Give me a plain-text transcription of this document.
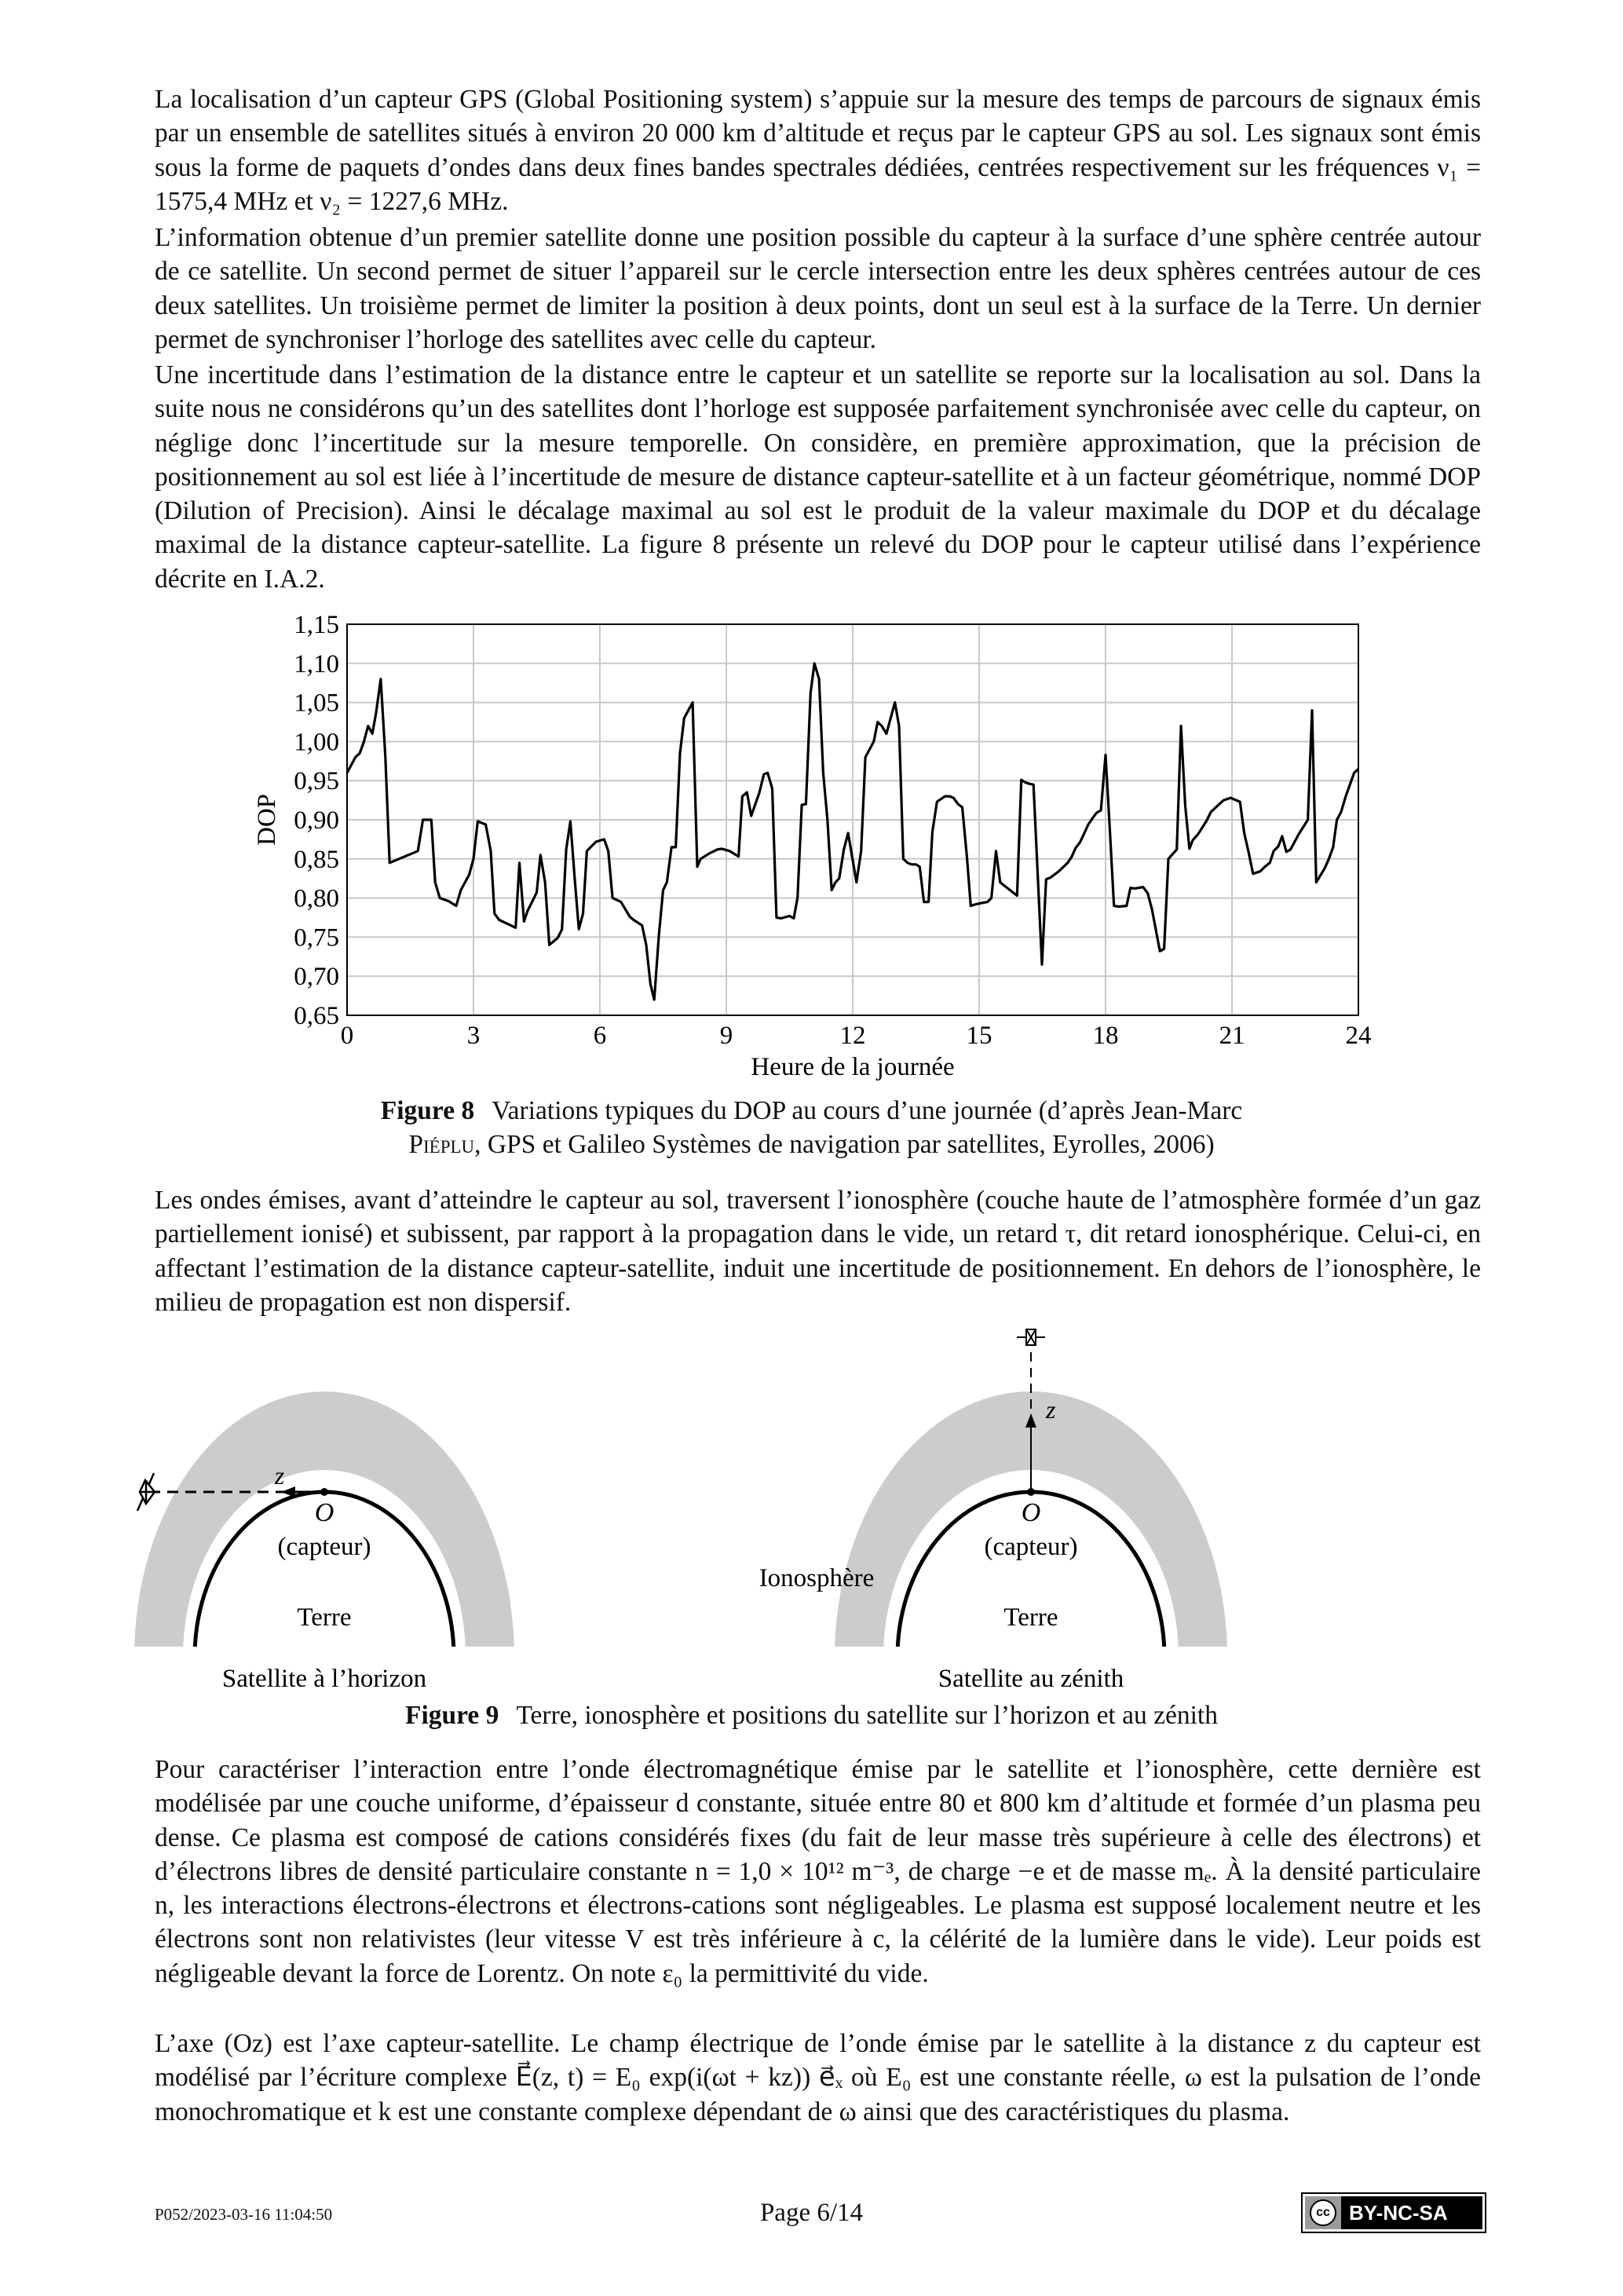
La localisation d’un capteur GPS (Global Positioning system) s’appuie sur la mesure des temps de parcours de signaux émis par un ensemble de satellites situés à environ 20 000 km d’altitude et reçus par le capteur GPS au sol. Les signaux sont émis sous la forme de paquets d’ondes dans deux fines bandes spectrales dédiées, centrées respectivement sur les fréquences ν₁ = 1575,4 MHz et ν₂ = 1227,6 MHz.

L’information obtenue d’un premier satellite donne une position possible du capteur à la surface d’une sphère centrée autour de ce satellite. Un second permet de situer l’appareil sur le cercle intersection entre les deux sphères centrées autour de ces deux satellites. Un troisième permet de limiter la position à deux points, dont un seul est à la surface de la Terre. Un dernier permet de synchroniser l’horloge des satellites avec celle du capteur.

Une incertitude dans l’estimation de la distance entre le capteur et un satellite se reporte sur la localisation au sol. Dans la suite nous ne considérons qu’un des satellites dont l’horloge est supposée parfaitement synchronisée avec celle du capteur, on néglige donc l’incertitude sur la mesure temporelle. On considère, en première approximation, que la précision de positionnement au sol est liée à l’incertitude de mesure de distance capteur-satellite et à un facteur géométrique, nommé DOP (Dilution of Precision). Ainsi le décalage maximal au sol est le produit de la valeur maximale du DOP et du décalage maximal de la distance capteur-satellite. La figure 8 présente un relevé du DOP pour le capteur utilisé dans l’expérience décrite en I.A.2.

0	3	6	9	12	15	18	21	24
0,65
0,70
0,75
0,80
0,85
0,90
0,95
1,00
1,05
1,10
1,15
Heure de la journée
DOP
Figure 8 Variations typiques du DOP au cours d’une journée (d’après Jean-Marc
Piéplu, GPS et Galileo Systèmes de navigation par satellites, Eyrolles, 2006)

Les ondes émises, avant d’atteindre le capteur au sol, traversent l’ionosphère (couche haute de l’atmosphère formée d’un gaz partiellement ionisé) et subissent, par rapport à la propagation dans le vide, un retard τ, dit retard ionosphérique. Celui-ci, en affectant l’estimation de la distance capteur-satellite, induit une incertitude de positionnement. En dehors de l’ionosphère, le milieu de propagation est non dispersif.

z
O
(capteur)
Terre
Satellite à l’horizon
Ionosphère
z
O
(capteur)
Terre
Satellite au zénith
Figure 9 Terre, ionosphère et positions du satellite sur l’horizon et au zénith

Pour caractériser l’interaction entre l’onde électromagnétique émise par le satellite et l’ionosphère, cette dernière est modélisée par une couche uniforme, d’épaisseur d constante, située entre 80 et 800 km d’altitude et formée d’un plasma peu dense. Ce plasma est composé de cations considérés fixes (du fait de leur masse très supérieure à celle des électrons) et d’électrons libres de densité particulaire constante n = 1,0 × 10¹² m⁻³, de charge −e et de masse mₑ. À la densité particulaire n, les interactions électrons-électrons et électrons-cations sont négligeables. Le plasma est supposé localement neutre et les électrons sont non relativistes (leur vitesse V est très inférieure à c, la célérité de la lumière dans le vide). Leur poids est négligeable devant la force de Lorentz. On note ε₀ la permittivité du vide.

L’axe (Oz) est l’axe capteur-satellite. Le champ électrique de l’onde émise par le satellite à la distance z du capteur est modélisé par l’écriture complexe E⃗(z, t) = E₀ exp(i(ωt + kz)) e⃗ₓ où E₀ est une constante réelle, ω est la pulsation de l’onde monochromatique et k est une constante complexe dépendant de ω ainsi que des caractéristiques du plasma.

P052/2023-03-16 11:04:50	Page 6/14	cc BY-NC-SA
